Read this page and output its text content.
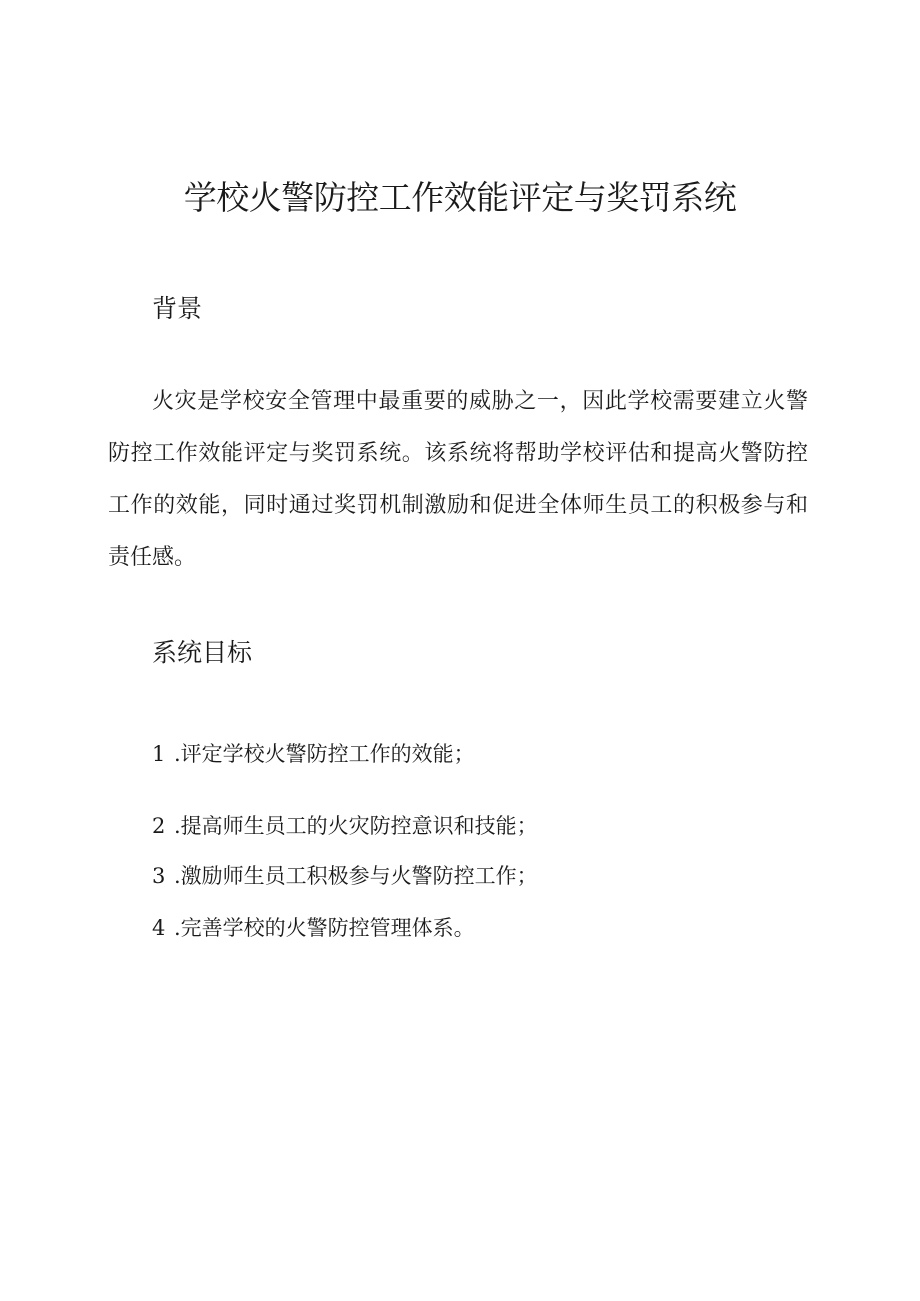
学校火警防控工作效能评定与奖罚系统
背景

火灾是学校安全管理中最重要的威胁之一，因此学校需要建立火警防控工作效能评定与奖罚系统。该系统将帮助学校评估和提高火警防控工作的效能，同时通过奖罚机制激励和促进全体师生员工的积极参与和责任感。

系统目标

1 .评定学校火警防控工作的效能；

2 .提高师生员工的火灾防控意识和技能；

3 .激励师生员工积极参与火警防控工作；

4 .完善学校的火警防控管理体系。
